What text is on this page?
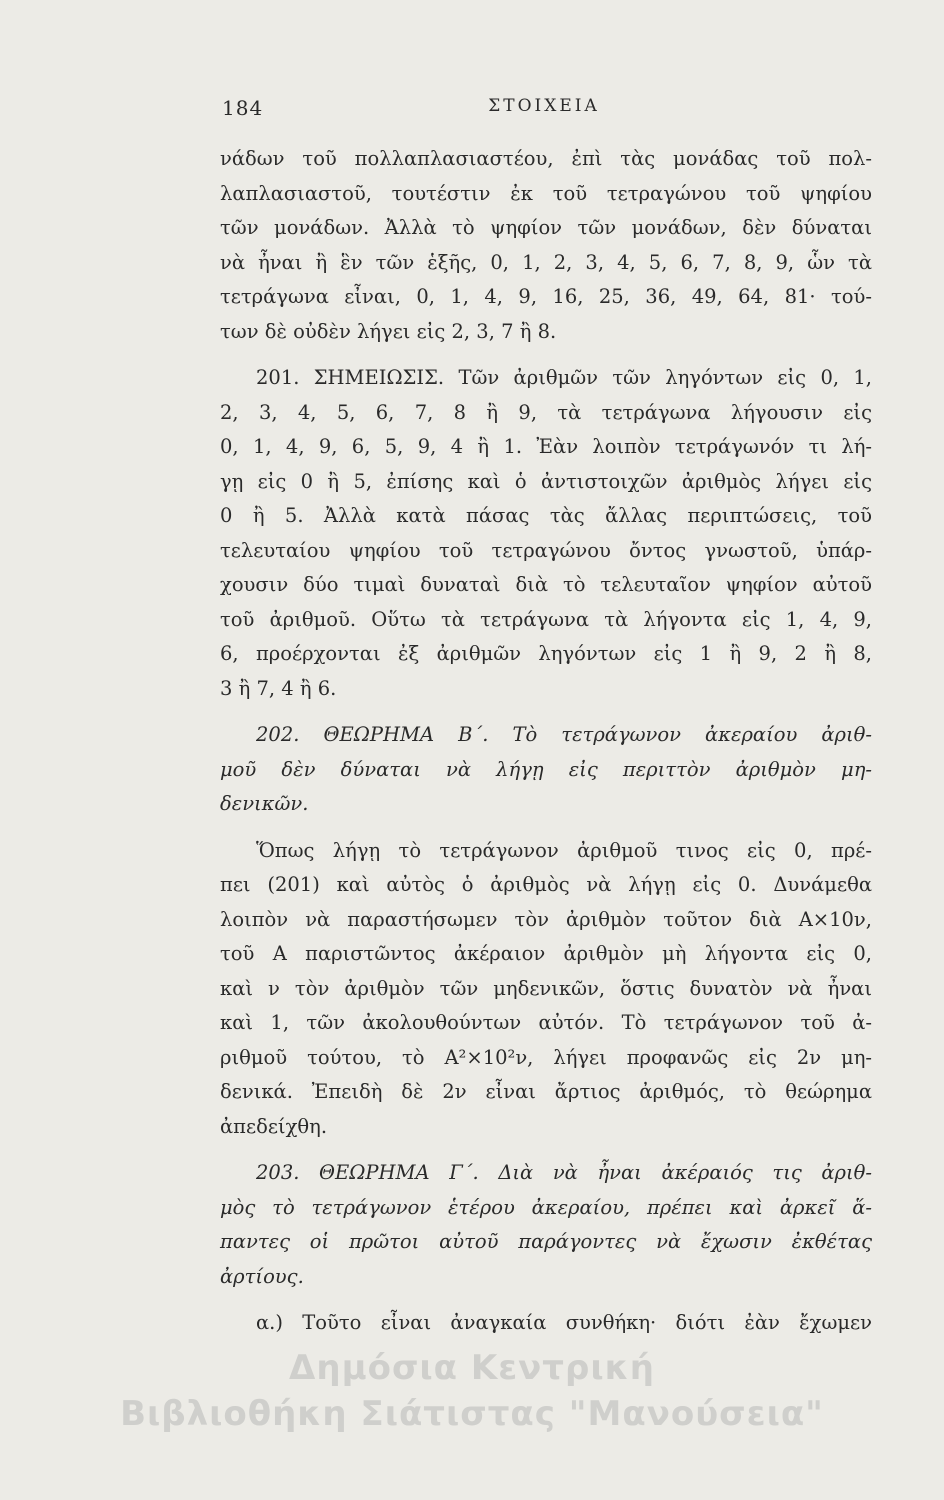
184	ΣΤΟΙΧΕΙΑ
νάδων τοῦ πολλαπλασιαστέου, ἐπὶ τὰς μονάδας τοῦ πολ-
λαπλασιαστοῦ, τουτέστιν ἐκ τοῦ τετραγώνου τοῦ ψηφίου
τῶν μονάδων. Ἀλλὰ τὸ ψηφίον τῶν μονάδων, δὲν δύναται
νὰ ἦναι ἢ ἓν τῶν ἑξῆς, 0, 1, 2, 3, 4, 5, 6, 7, 8, 9, ὧν τὰ
τετράγωνα εἶναι, 0, 1, 4, 9, 16, 25, 36, 49, 64, 81· τού-
των δὲ οὐδὲν λήγει εἰς 2, 3, 7 ἢ 8.
201. ΣΗΜΕΙΩΣΙΣ. Τῶν ἀριθμῶν τῶν ληγόντων εἰς 0, 1,
2, 3, 4, 5, 6, 7, 8 ἢ 9, τὰ τετράγωνα λήγουσιν εἰς
0, 1, 4, 9, 6, 5, 9, 4 ἢ 1. Ἐὰν λοιπὸν τετράγωνόν τι λή-
γῃ εἰς 0 ἢ 5, ἐπίσης καὶ ὁ ἀντιστοιχῶν ἀριθμὸς λήγει εἰς
0 ἢ 5. Ἀλλὰ κατὰ πάσας τὰς ἄλλας περιπτώσεις, τοῦ
τελευταίου ψηφίου τοῦ τετραγώνου ὄντος γνωστοῦ, ὑπάρ-
χουσιν δύο τιμαὶ δυναταὶ διὰ τὸ τελευταῖον ψηφίον αὐτοῦ
τοῦ ἀριθμοῦ. Οὕτω τὰ τετράγωνα τὰ λήγοντα εἰς 1, 4, 9,
6, προέρχονται ἐξ ἀριθμῶν ληγόντων εἰς 1 ἢ 9, 2 ἢ 8,
3 ἢ 7, 4 ἢ 6.
202. ΘΕΩΡΗΜΑ Β΄. Τὸ τετράγωνον ἀκεραίου ἀριθ-
μοῦ δὲν δύναται νὰ λήγῃ εἰς περιττὸν ἀριθμὸν μη-
δενικῶν.
Ὅπως λήγῃ τὸ τετράγωνον ἀριθμοῦ τινος εἰς 0, πρέ-
πει (201) καὶ αὐτὸς ὁ ἀριθμὸς νὰ λήγῃ εἰς 0. Δυνάμεθα
λοιπὸν νὰ παραστήσωμεν τὸν ἀριθμὸν τοῦτον διὰ Α×10ν,
τοῦ Α παριστῶντος ἀκέραιον ἀριθμὸν μὴ λήγοντα εἰς 0,
καὶ ν τὸν ἀριθμὸν τῶν μηδενικῶν, ὅστις δυνατὸν νὰ ἦναι
καὶ 1, τῶν ἀκολουθούντων αὐτόν. Τὸ τετράγωνον τοῦ ἀ-
ριθμοῦ τούτου, τὸ Α²×10²ν, λήγει προφανῶς εἰς 2ν μη-
δενικά. Ἐπειδὴ δὲ 2ν εἶναι ἄρτιος ἀριθμός, τὸ θεώρημα
ἀπεδείχθη.
203. ΘΕΩΡΗΜΑ Γ΄. Διὰ νὰ ἦναι ἀκέραιός τις ἀριθ-
μὸς τὸ τετράγωνον ἑτέρου ἀκεραίου, πρέπει καὶ ἀρκεῖ ἅ-
παντες οἱ πρῶτοι αὐτοῦ παράγοντες νὰ ἔχωσιν ἐκθέτας
ἀρτίους.
α.) Τοῦτο εἶναι ἀναγκαία συνθήκη· διότι ἐὰν ἔχωμεν
Δημόσια Κεντρική
Βιβλιοθήκη Σιάτιστας "Μανούσεια"
